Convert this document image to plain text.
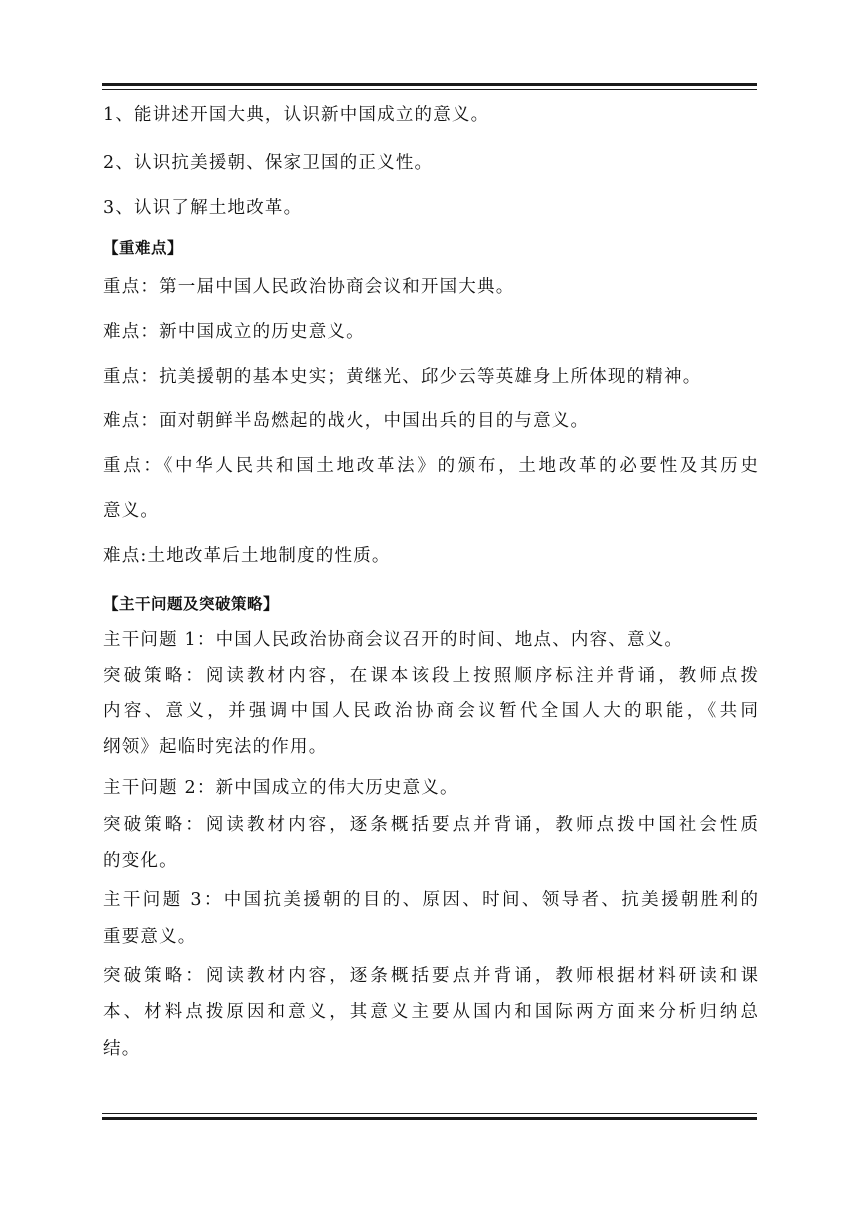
1、能讲述开国大典，认识新中国成立的意义。
2、认识抗美援朝、保家卫国的正义性。
3、认识了解土地改革。
【重难点】
重点：第一届中国人民政治协商会议和开国大典。
难点：新中国成立的历史意义。
重点：抗美援朝的基本史实；黄继光、邱少云等英雄身上所体现的精神。
难点：面对朝鲜半岛燃起的战火，中国出兵的目的与意义。
重点：《中华人民共和国土地改革法》的颁布，土地改革的必要性及其历史
意义。
难点:土地改革后土地制度的性质。
【主干问题及突破策略】
主干问题 1：中国人民政治协商会议召开的时间、地点、内容、意义。
突破策略：阅读教材内容，在课本该段上按照顺序标注并背诵，教师点拨
内容、意义，并强调中国人民政治协商会议暂代全国人大的职能，《共同
纲领》起临时宪法的作用。
主干问题 2：新中国成立的伟大历史意义。
突破策略：阅读教材内容，逐条概括要点并背诵，教师点拨中国社会性质
的变化。
主干问题 3：中国抗美援朝的目的、原因、时间、领导者、抗美援朝胜利的
重要意义。
突破策略：阅读教材内容，逐条概括要点并背诵，教师根据材料研读和课
本、材料点拨原因和意义，其意义主要从国内和国际两方面来分析归纳总
结。
